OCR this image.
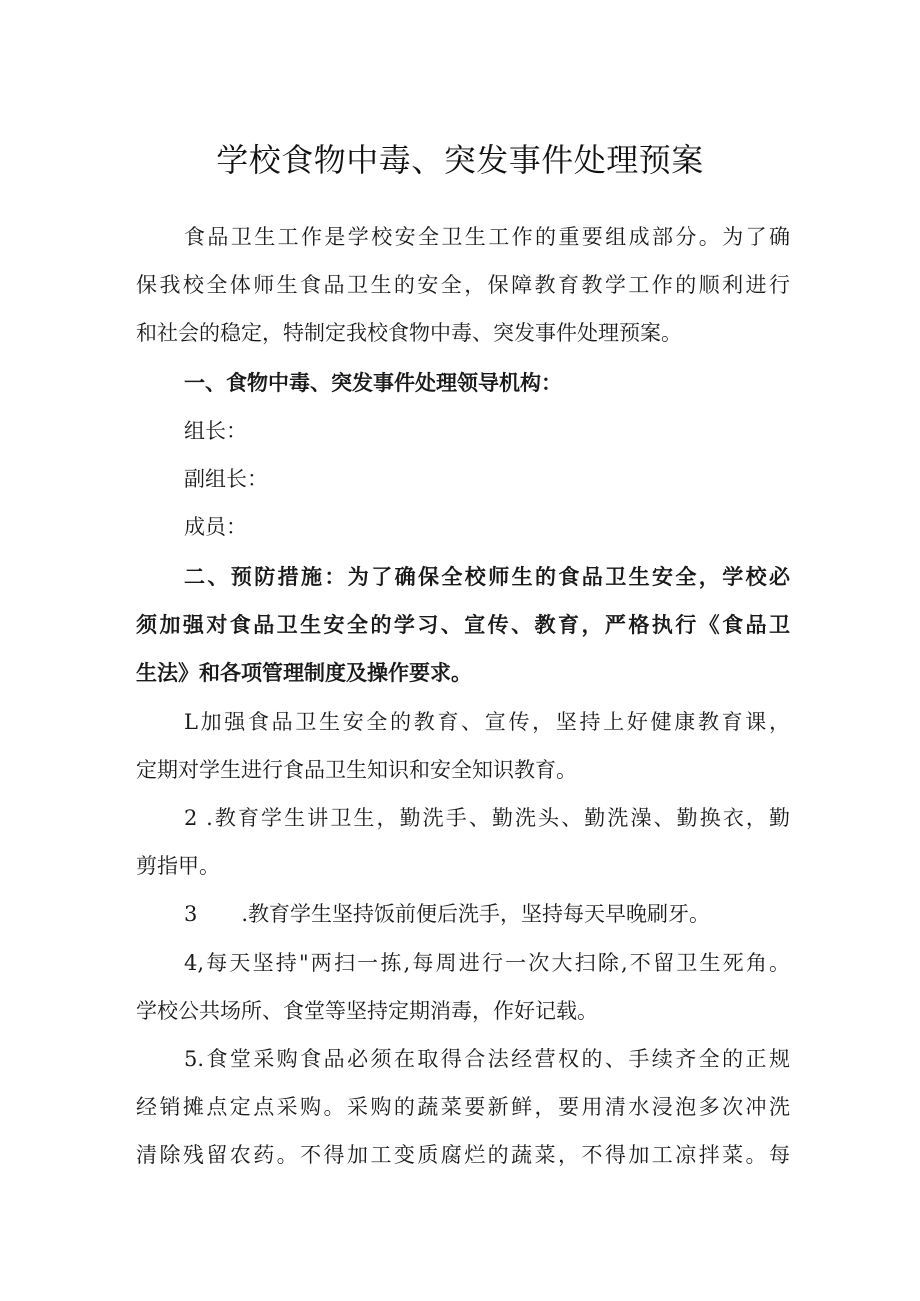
学校食物中毒、突发事件处理预案
食品卫生工作是学校安全卫生工作的重要组成部分。为了确
保我校全体师生食品卫生的安全，保障教育教学工作的顺利进行
和社会的稳定，特制定我校食物中毒、突发事件处理预案。
一、食物中毒、突发事件处理领导机构：
组长：
副组长：
成员：
二、预防措施：为了确保全校师生的食品卫生安全，学校必
须加强对食品卫生安全的学习、宣传、教育，严格执行《食品卫
生法》和各项管理制度及操作要求。
L加强食品卫生安全的教育、宣传，坚持上好健康教育课，
定期对学生进行食品卫生知识和安全知识教育。
2 .教育学生讲卫生，勤洗手、勤洗头、勤洗澡、勤换衣，勤
剪指甲。
3 .教育学生坚持饭前便后洗手，坚持每天早晚刷牙。
4,每天坚持"两扫一拣,每周进行一次大扫除,不留卫生死角。
学校公共场所、食堂等坚持定期消毒，作好记载。
5.食堂采购食品必须在取得合法经营权的、手续齐全的正规
经销摊点定点采购。采购的蔬菜要新鲜，要用清水浸泡多次冲洗
清除残留农药。不得加工变质腐烂的蔬菜，不得加工凉拌菜。每
